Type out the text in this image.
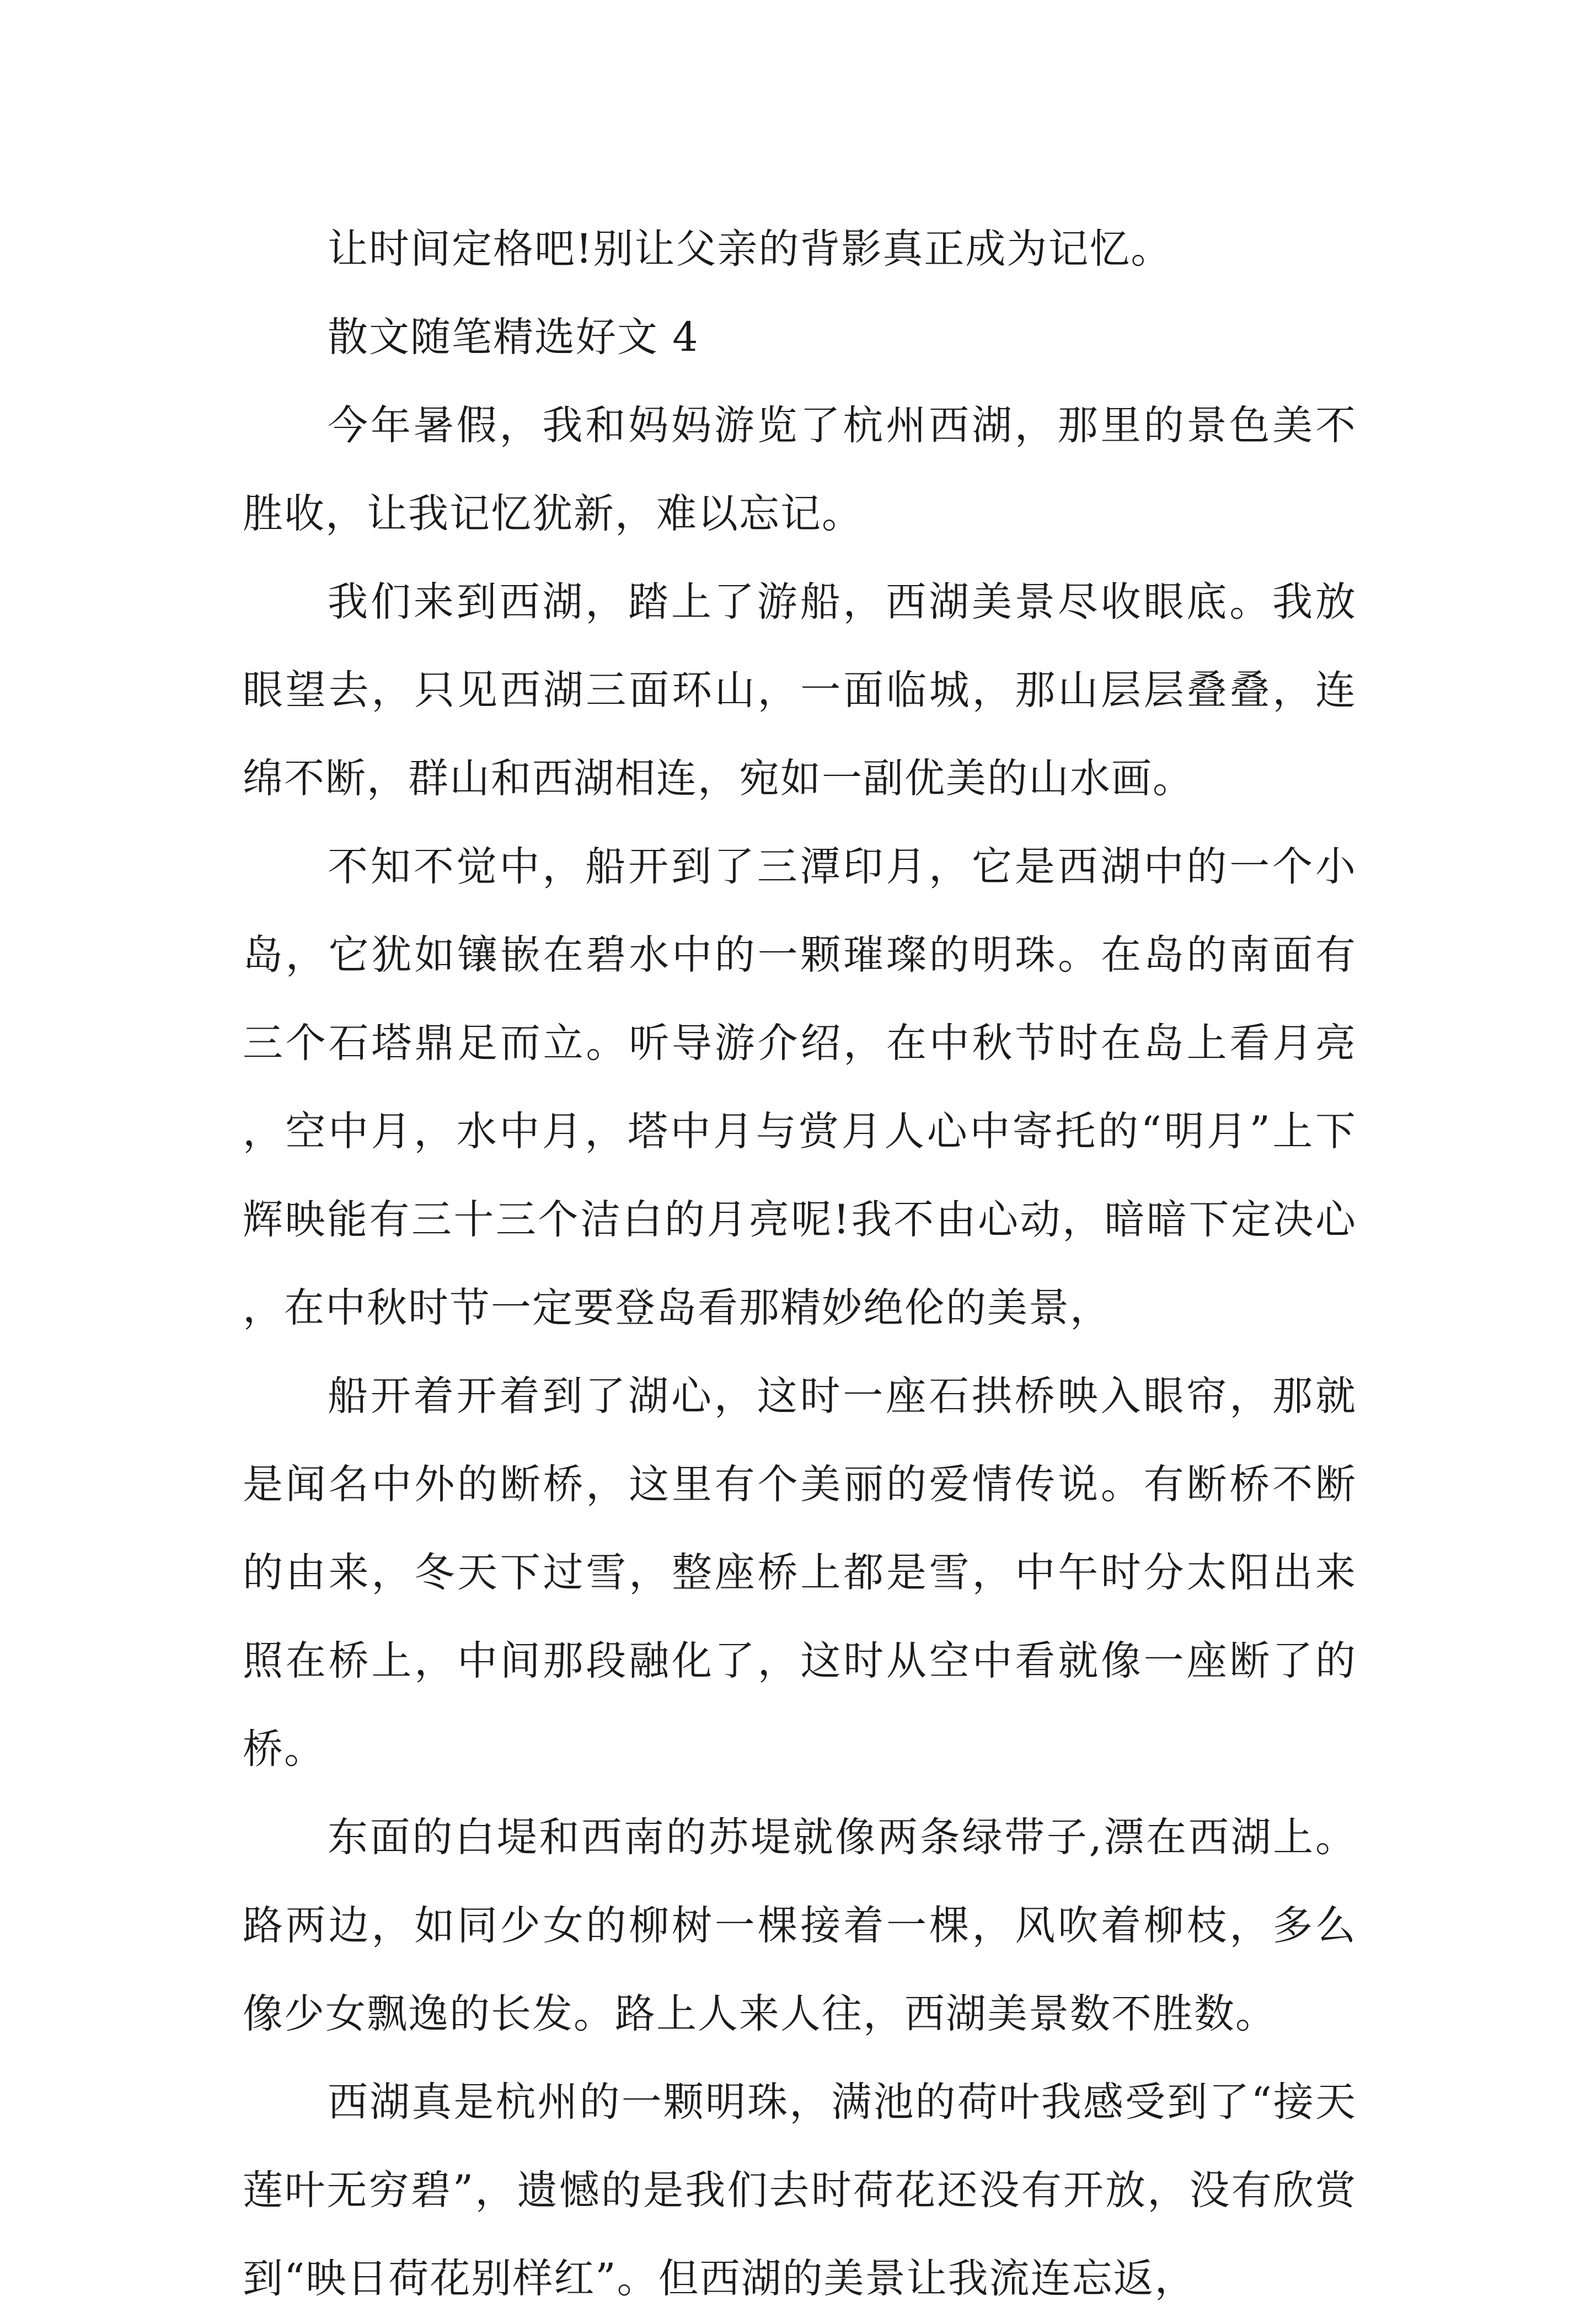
让时间定格吧!别让父亲的背影真正成为记忆。

散文随笔精选好文 4

今年暑假，我和妈妈游览了杭州西湖，那里的景色美不胜收，让我记忆犹新，难以忘记。

我们来到西湖，踏上了游船，西湖美景尽收眼底。我放眼望去，只见西湖三面环山，一面临城，那山层层叠叠，连绵不断，群山和西湖相连，宛如一副优美的山水画。

不知不觉中，船开到了三潭印月，它是西湖中的一个小岛，它犹如镶嵌在碧水中的一颗璀璨的明珠。在岛的南面有三个石塔鼎足而立。听导游介绍，在中秋节时在岛上看月亮，空中月，水中月，塔中月与赏月人心中寄托的“明月”上下辉映能有三十三个洁白的月亮呢!我不由心动，暗暗下定决心，在中秋时节一定要登岛看那精妙绝伦的美景，

船开着开着到了湖心，这时一座石拱桥映入眼帘，那就是闻名中外的断桥，这里有个美丽的爱情传说。有断桥不断的由来，冬天下过雪，整座桥上都是雪，中午时分太阳出来照在桥上，中间那段融化了，这时从空中看就像一座断了的桥。

东面的白堤和西南的苏堤就像两条绿带子,漂在西湖上。路两边，如同少女的柳树一棵接着一棵，风吹着柳枝，多么像少女飘逸的长发。路上人来人往，西湖美景数不胜数。

西湖真是杭州的一颗明珠，满池的荷叶我感受到了“接天莲叶无穷碧”，遗憾的是我们去时荷花还没有开放，没有欣赏到“映日荷花别样红”。但西湖的美景让我流连忘返，
